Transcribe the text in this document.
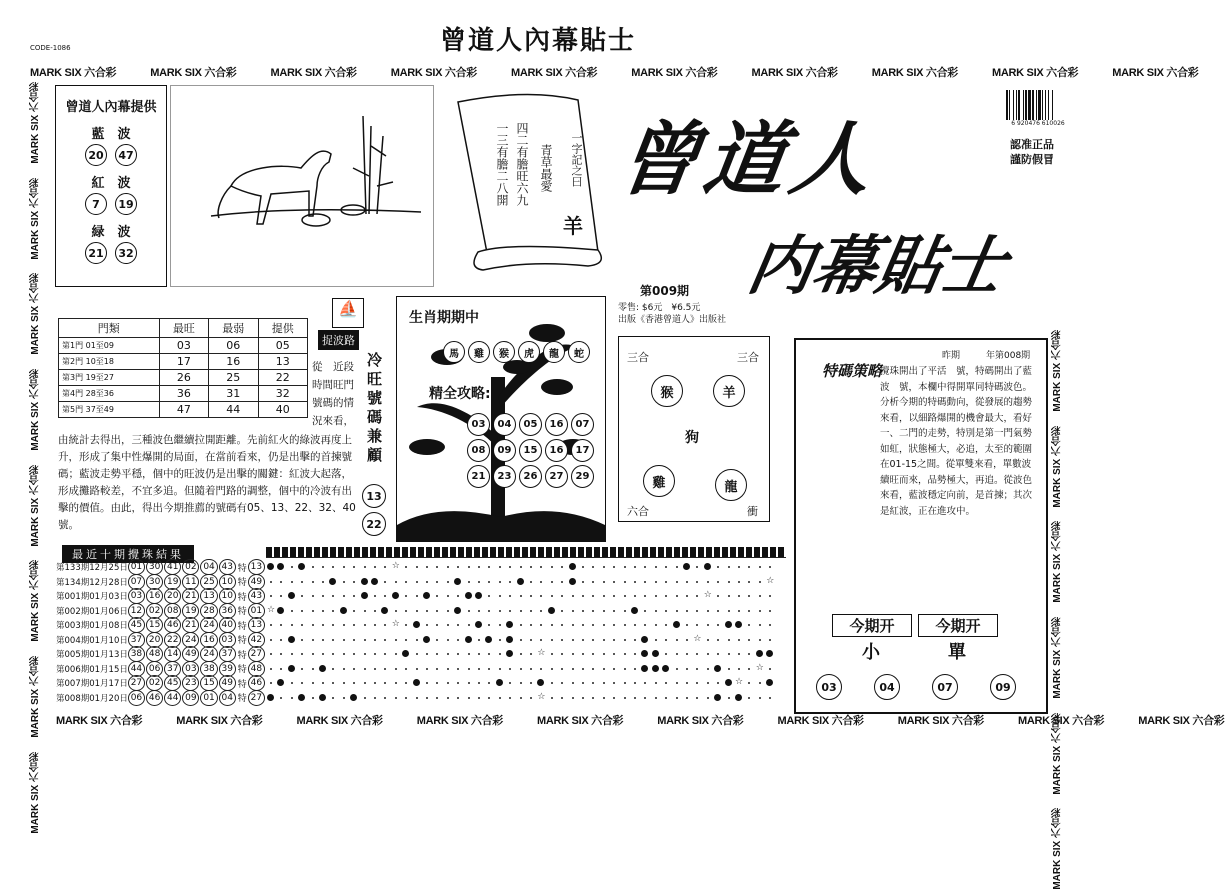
CODE-1086	曾道人內幕貼士
MARK SIX 六合彩	MARK SIX 六合彩	MARK SIX 六合彩	MARK SIX 六合彩	MARK SIX 六合彩	MARK SIX 六合彩	MARK SIX 六合彩	MARK SIX 六合彩	MARK SIX 六合彩	MARK SIX 六合彩
MARK SIX 六合彩	MARK SIX 六合彩	MARK SIX 六合彩	MARK SIX 六合彩	MARK SIX 六合彩	MARK SIX 六合彩	MARK SIX 六合彩	MARK SIX 六合彩	MARK SIX 六合彩	MARK SIX 六合彩
MARK SIX 六合彩
MARK SIX 六合彩
MARK SIX 六合彩
MARK SIX 六合彩
MARK SIX 六合彩
MARK SIX 六合彩
MARK SIX 六合彩
MARK SIX 六合彩
MARK SIX 六合彩
MARK SIX 六合彩
MARK SIX 六合彩
MARK SIX 六合彩
MARK SIX 六合彩
MARK SIX 六合彩
曾道人內幕提供
藍　波
20	47
紅　波
7	19
緑　波
21	32
一字記之曰
羊
青草最愛
四二有膽旺六九
一三有膽二八開 曾道人
内幕貼士
第009期
零售: $6元　¥6.5元
出版《香港曾道人》出版社
6 920476 610026
認准正品
謹防假冒
門類	最旺	最弱	提供
第1門 01至09	03	06	05
第2門 10至18	17	16	13
第3門 19至27	26	25	22
第4門 28至36	36	31	32
第5門 37至49	47	44	40
⛵
捉波路
從　近段時間旺門號碼的情況來看，
由統計去得出，三種波色繼續拉開距離。先前紅火的綠波再度上升，形成了集中性爆開的局面，在當前看來，仍是出擊的首揀號碼；藍波走勢平穩，個中的旺波仍是出擊的關鍵：紅波大起落，形成攤路較差，不宜多追。但隨着門路的調整，個中的冷波有出擊的價值。由此，得出今期推薦的號碼有05、13、22、32、40號。
冷旺號碼兼顧
1322
生肖期期中
馬	雞	猴	虎	龍	蛇
精全攻略:
03	04	05	16	07
08	09	15	16	17
21	23	26	27	29
三合	三合
猴	羊
狗
雞	龍
六合	衝
特碼策略
昨期	年第008期
攪珠開出了平活　號，特碼開出了藍波　號，本欄中得開單同特碼波色。分析今期的特碼動向，從發展的趨勢來看，以細路爆開的機會最大，看好一、二門的走勢，特別是第一門氣勢如虹，狀態極大，必追，太至的範圍在01-15之間。從單雙來看，單數波續旺而來，品勢極大，再追。從波色來看，藍波穩定向前，是首揀；其次是紅波，正在進攻中。
今期开	今期开
小	單
03	04	07	09
最近十期攪珠結果
第133期12月25日 01 30 41 02 04 43 特 13
第134期12月28日 07 30 19 11 25 10 特 49
第001期01月03日 03 16 20 21 13 10 特 43
第002期01月06日 12 02 08 19 28 36 特 01
第003期01月08日 45 15 46 21 24 40 特 13
第004期01月10日 37 20 22 24 16 03 特 42
第005期01月13日 38 48 14 49 24 37 特 27
第006期01月15日 44 06 37 03 38 39 特 48
第007期01月17日 27 02 45 23 15 49 特 46
第008期01月20日 06 46 44 09 01 04 特 27
☆
☆
☆
☆
☆
☆
☆
☆
☆
☆
